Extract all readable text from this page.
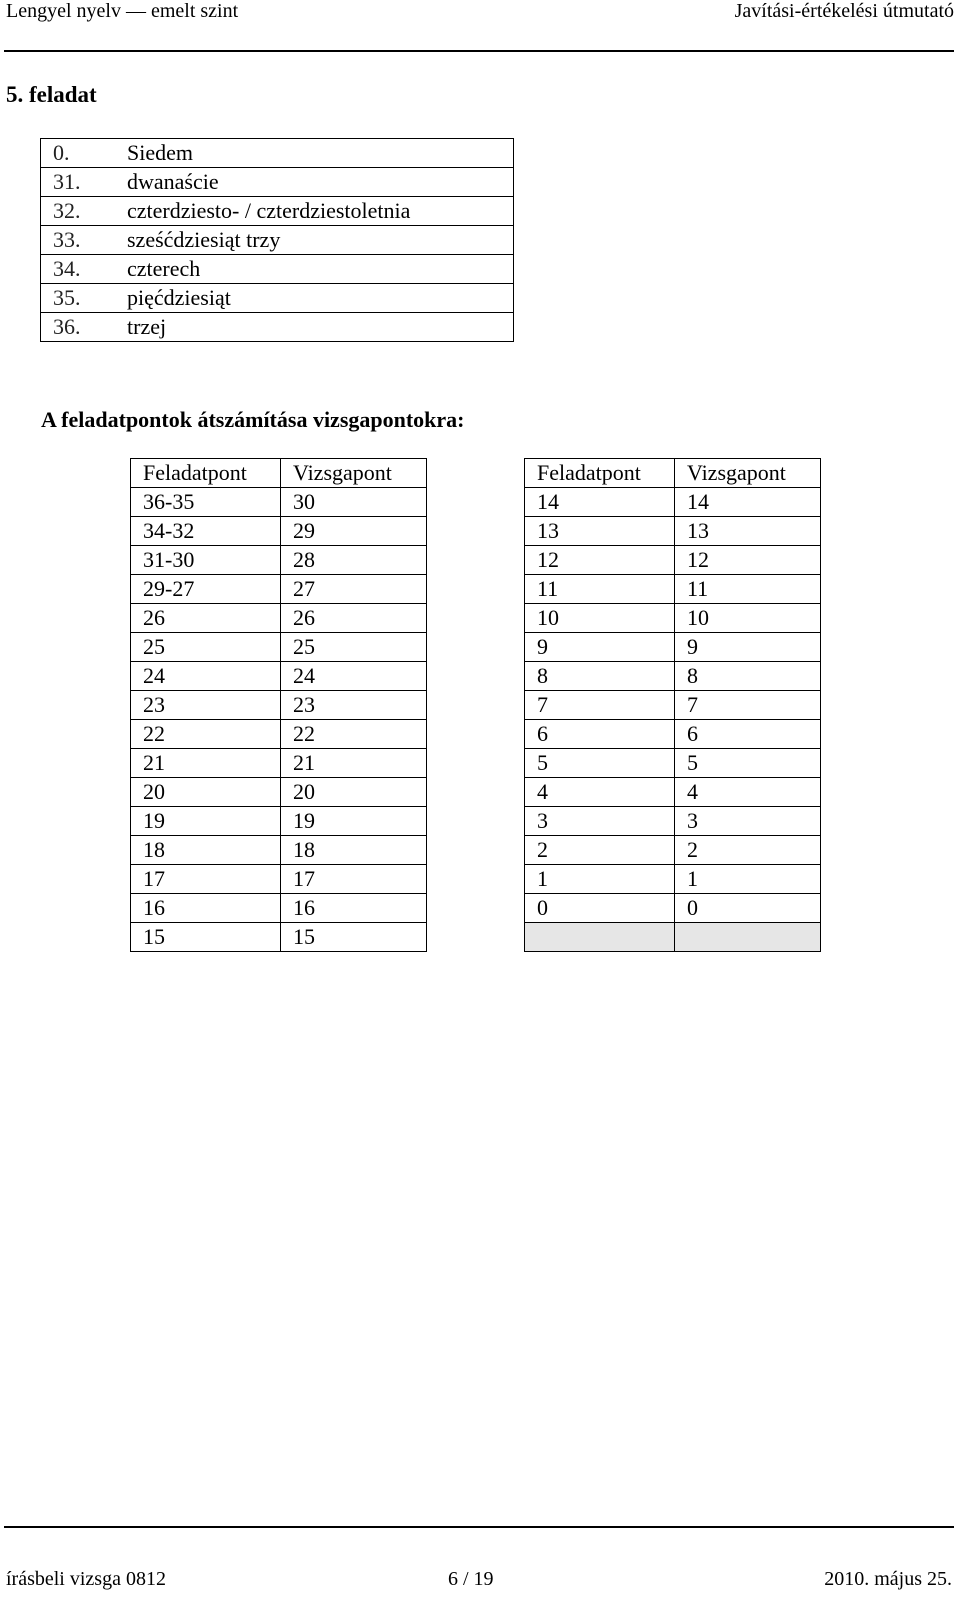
Lengyel nyelv — emelt szint	Javítási-értékelési útmutató
5. feladat
0.	Siedem
31.	dwanaście
32.	czterdziesto- / czterdziestoletnia
33.	sześćdziesiąt trzy
34.	czterech
35.	pięćdziesiąt
36.	trzej
A feladatpontok átszámítása vizsgapontokra:
Feladatpont	Vizsgapont
36-35	30
34-32	29
31-30	28
29-27	27
26	26
25	25
24	24
23	23
22	22
21	21
20	20
19	19
18	18
17	17
16	16
15	15
Feladatpont	Vizsgapont
14	14
13	13
12	12
11	11
10	10
9	9
8	8
7	7
6	6
5	5
4	4
3	3
2	2
1	1
0	0

írásbeli vizsga 0812	6 / 19	2010. május 25.
